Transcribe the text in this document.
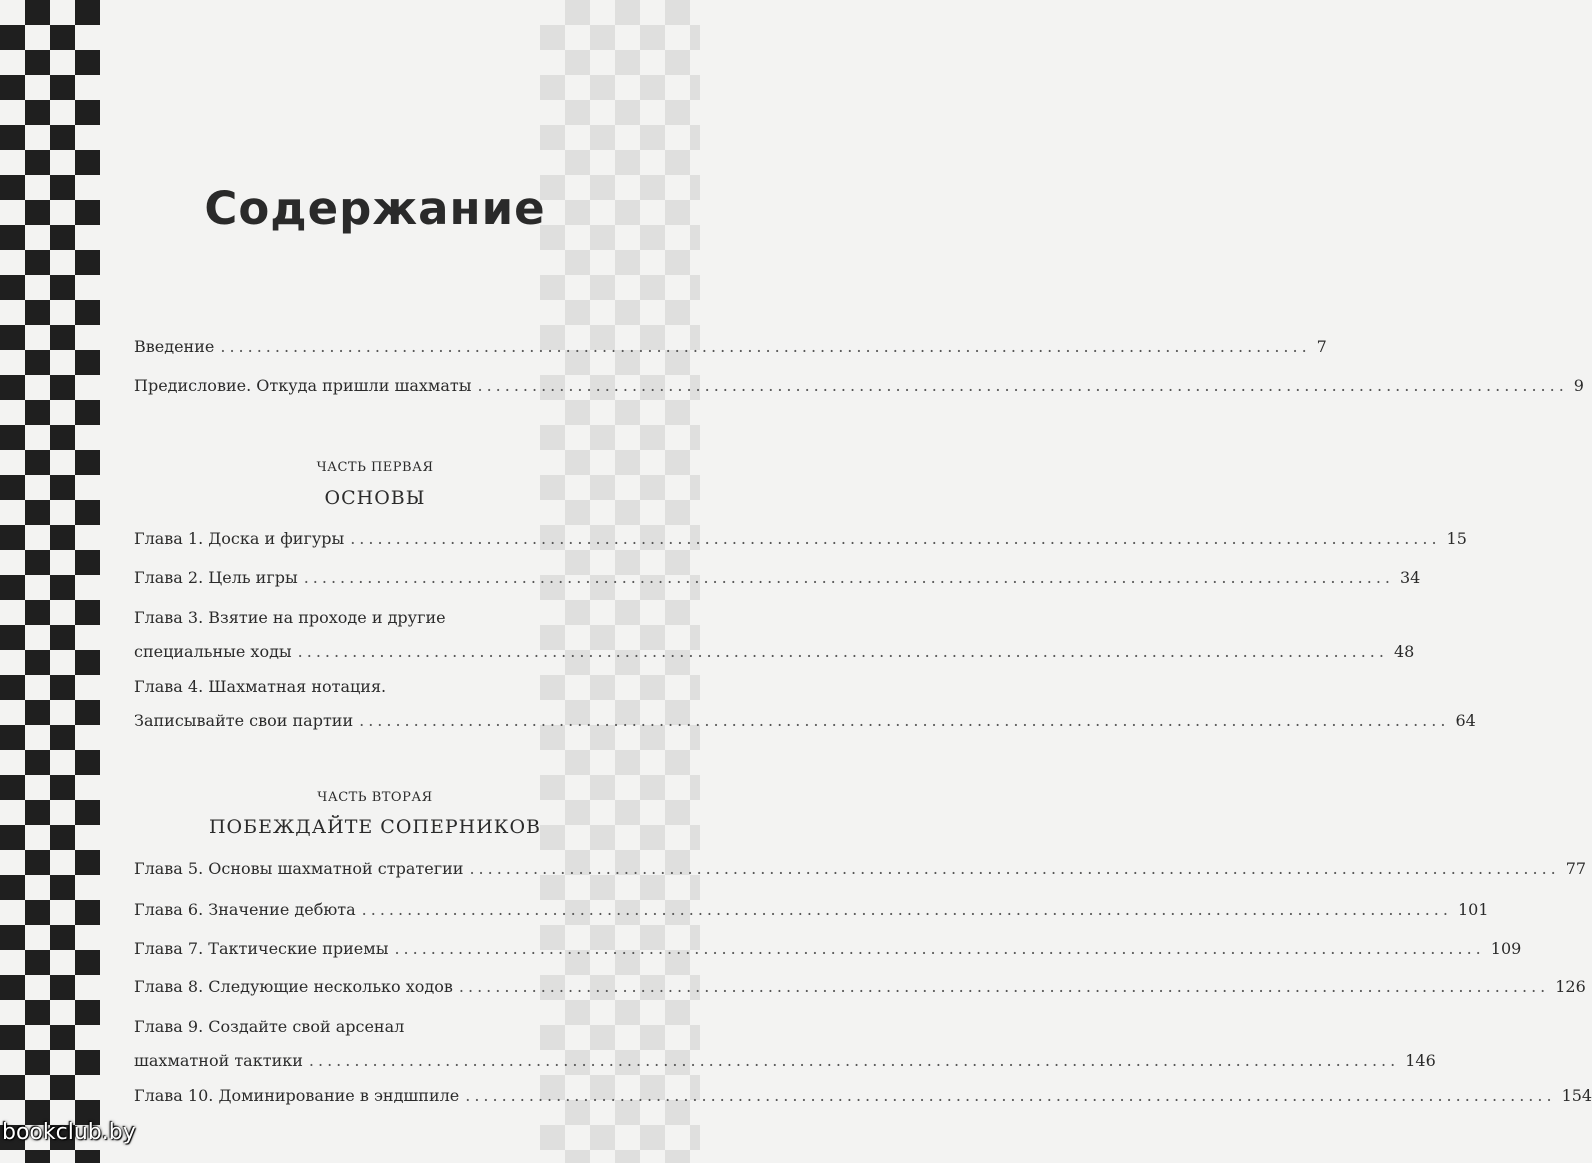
Содержание
Введение ........................................................................................................................ 7
Предисловие. Откуда пришли шахматы ........................................................................................................................ 9
ЧАСТЬ ПЕРВАЯ
ОСНОВЫ
Глава 1. Доска и фигуры ........................................................................................................................ 15
Глава 2. Цель игры ........................................................................................................................ 34
Глава 3. Взятие на проходе и другие
специальные ходы ........................................................................................................................ 48
Глава 4. Шахматная нотация.
Записывайте свои партии ........................................................................................................................ 64
ЧАСТЬ ВТОРАЯ
ПОБЕЖДАЙТЕ СОПЕРНИКОВ
Глава 5. Основы шахматной стратегии ........................................................................................................................ 77
Глава 6. Значение дебюта ........................................................................................................................ 101
Глава 7. Тактические приемы ........................................................................................................................ 109
Глава 8. Следующие несколько ходов ........................................................................................................................ 126
Глава 9. Создайте свой арсенал
шахматной тактики ........................................................................................................................ 146
Глава 10. Доминирование в эндшпиле ........................................................................................................................ 154
bookclub.by
